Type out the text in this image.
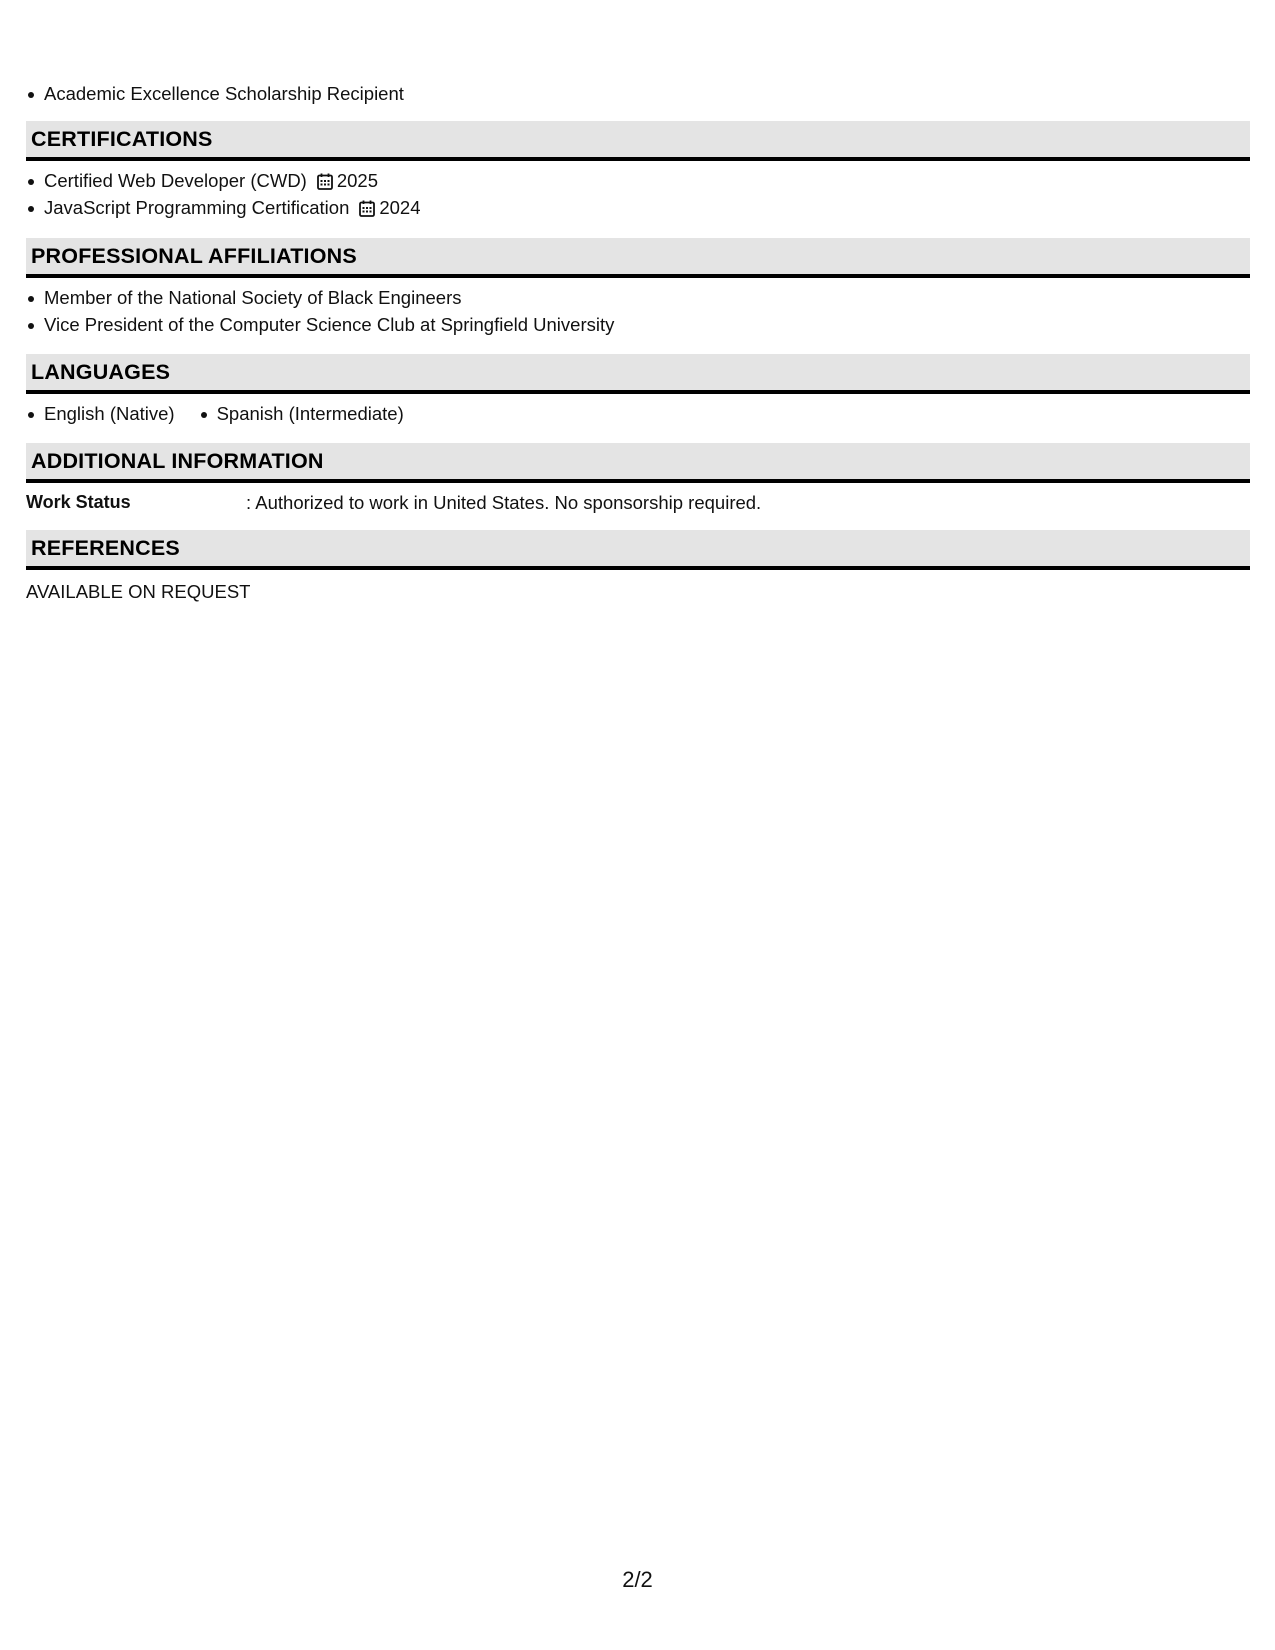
Academic Excellence Scholarship Recipient
CERTIFICATIONS
Certified Web Developer (CWD) 2025
JavaScript Programming Certification 2024
PROFESSIONAL AFFILIATIONS
Member of the National Society of Black Engineers
Vice President of the Computer Science Club at Springfield University
LANGUAGES
English (Native)	Spanish (Intermediate)
ADDITIONAL INFORMATION
Work Status	: Authorized to work in United States. No sponsorship required.
REFERENCES
AVAILABLE ON REQUEST
2/2
